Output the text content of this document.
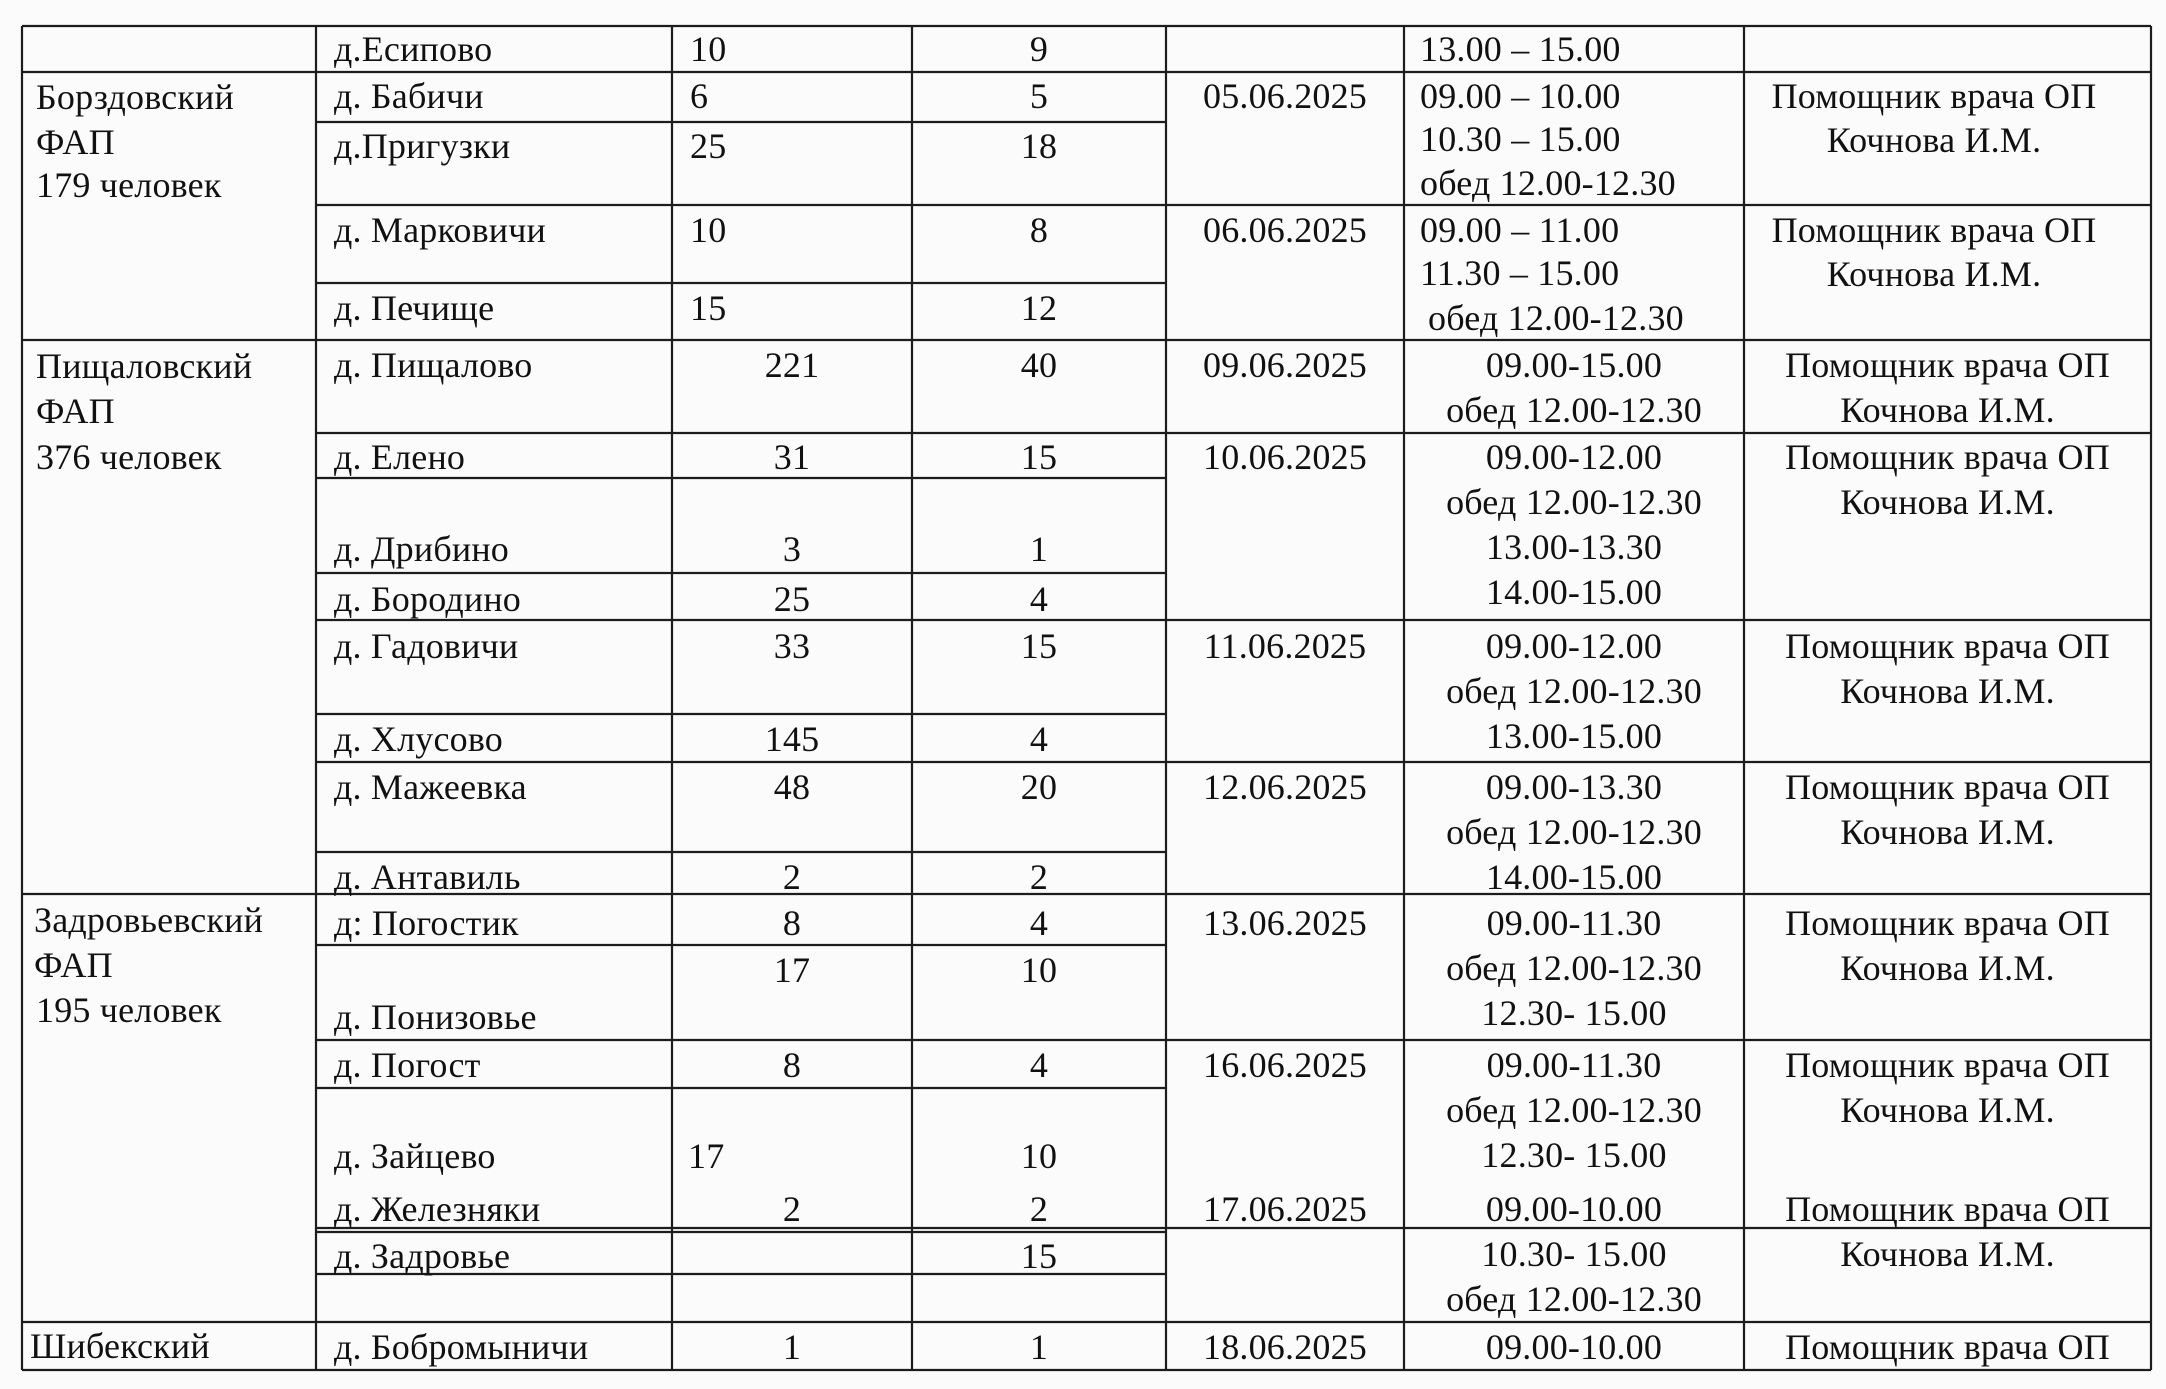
Борздовский ФАП
179 человек
Пищаловский ФАП
376 человек
Задровьевский ФАП
195 человек
Шибекский
д.Есипово
д. Бабичи
д.Пригузки
д. Марковичи
д. Печище
д. Пищалово
д. Елено
д. Дрибино
д. Бородино
д. Гадовичи
д. Хлусово
д. Мажеевка
д. Антавиль
д: Погостик
д. Понизовье
д. Погост
д. Зайцево
д. Железняки
д. Задровье
д. Бобромыничи
10
6
25
10
15
221
31
3
25
33
145
48
2
8
17
8
17
2
1
9
5
18
8
12
40
15
1
4
15
4
20
2
4
10
4
10
2
15
1
05.06.2025
06.06.2025
09.06.2025
10.06.2025
11.06.2025
12.06.2025
13.06.2025
16.06.2025
17.06.2025
18.06.2025
13.00 – 15.00
09.00 – 10.00
10.30 – 15.00
обед 12.00-12.30
09.00 – 11.00
11.30 – 15.00
обед 12.00-12.30
09.00-15.00
обед 12.00-12.30
09.00-12.00
обед 12.00-12.30
13.00-13.30
14.00-15.00
09.00-12.00
обед 12.00-12.30
13.00-15.00
09.00-13.30
обед 12.00-12.30
14.00-15.00
09.00-11.30
обед 12.00-12.30
12.30- 15.00
09.00-11.30
обед 12.00-12.30
12.30- 15.00
09.00-10.00
10.30- 15.00
обед 12.00-12.30
09.00-10.00
Помощник врача ОП
Кочнова И.М.
Помощник врача ОП
Кочнова И.М.
Помощник врача ОП
Кочнова И.М.
Помощник врача ОП
Кочнова И.М.
Помощник врача ОП
Кочнова И.М.
Помощник врача ОП
Кочнова И.М.
Помощник врача ОП
Кочнова И.М.
Помощник врача ОП
Кочнова И.М.
Помощник врача ОП
Кочнова И.М.
Помощник врача ОП
